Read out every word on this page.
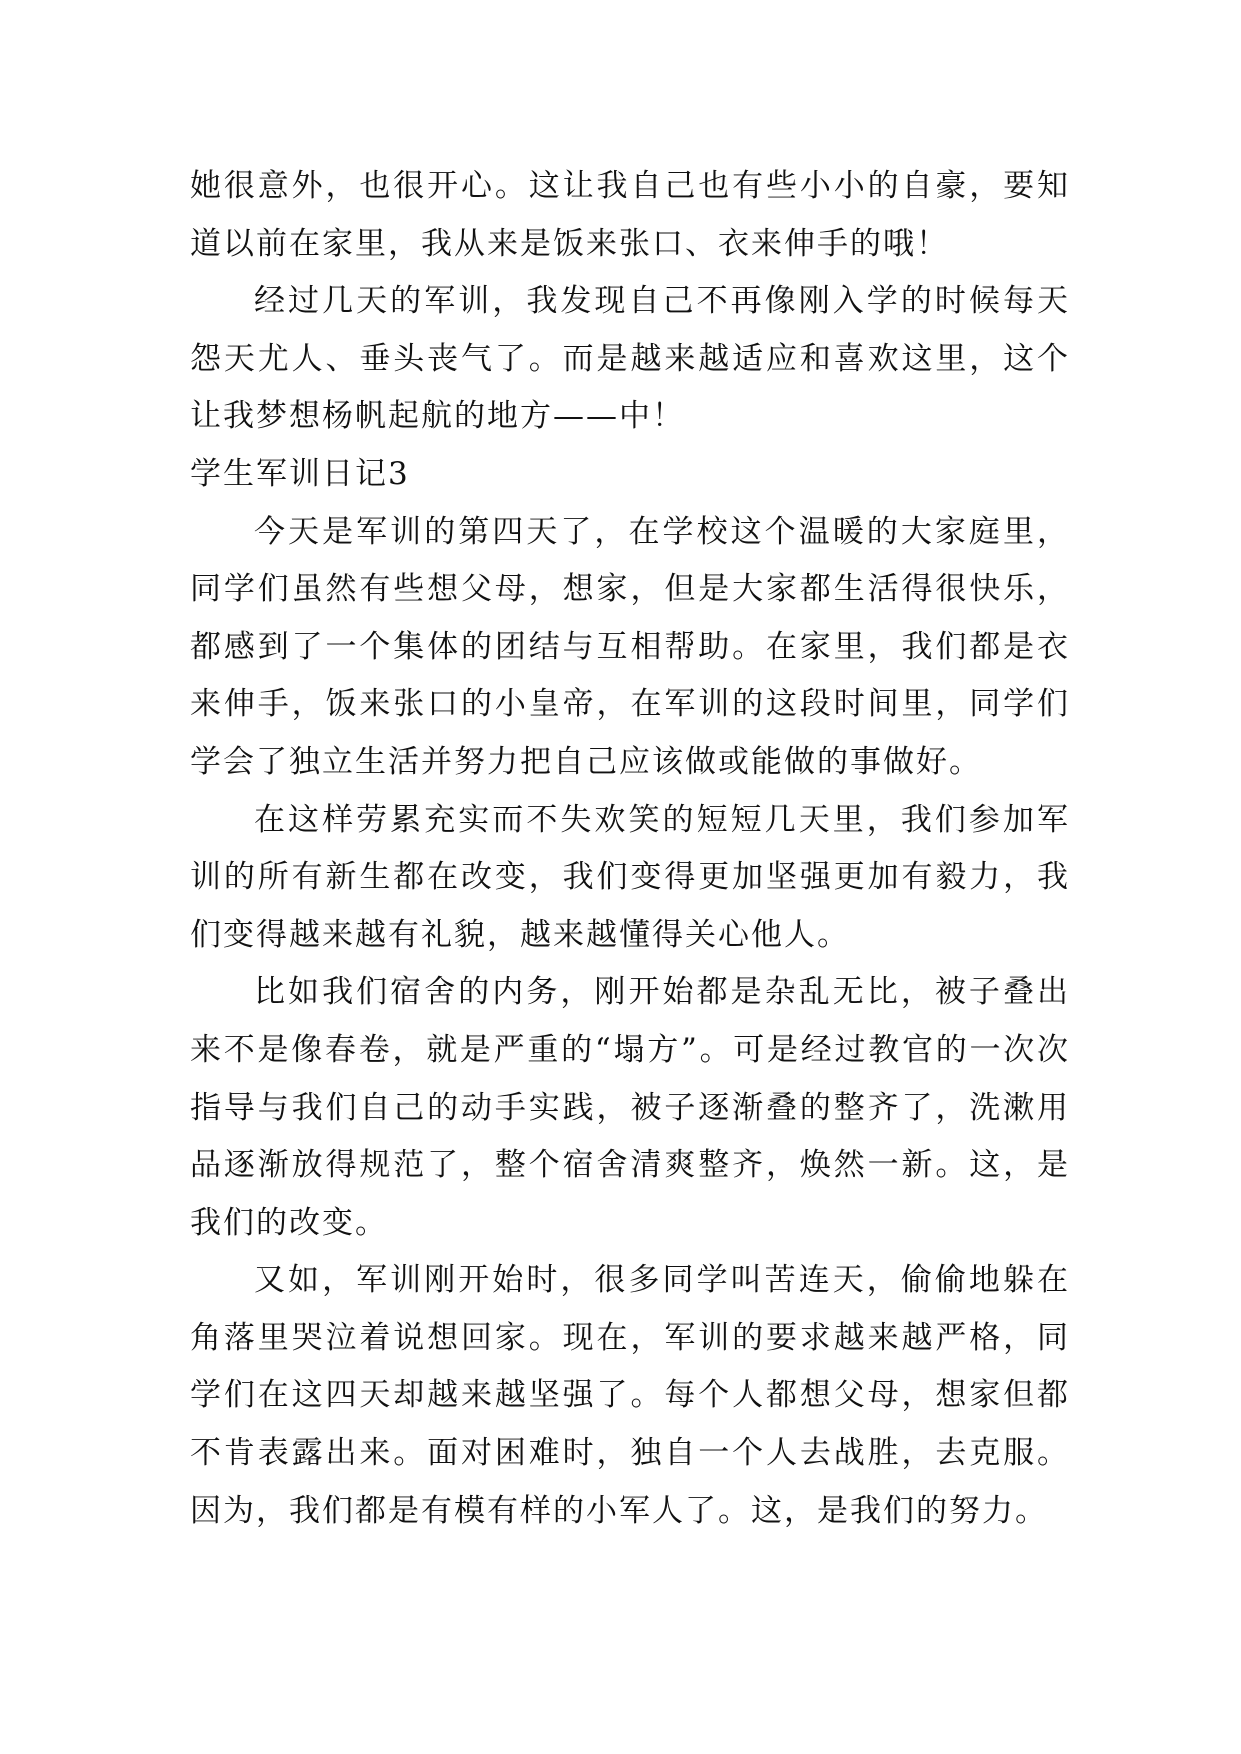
她很意外，也很开心。这让我自己也有些小小的自豪，要知道以前在家里，我从来是饭来张口、衣来伸手的哦！

经过几天的军训，我发现自己不再像刚入学的时候每天怨天尤人、垂头丧气了。而是越来越适应和喜欢这里，这个让我梦想杨帆起航的地方——中！

学生军训日记3

今天是军训的第四天了，在学校这个温暖的大家庭里，同学们虽然有些想父母，想家，但是大家都生活得很快乐，都感到了一个集体的团结与互相帮助。在家里，我们都是衣来伸手，饭来张口的小皇帝，在军训的这段时间里，同学们学会了独立生活并努力把自己应该做或能做的事做好。

在这样劳累充实而不失欢笑的短短几天里，我们参加军训的所有新生都在改变，我们变得更加坚强更加有毅力，我们变得越来越有礼貌，越来越懂得关心他人。

比如我们宿舍的内务，刚开始都是杂乱无比，被子叠出来不是像春卷，就是严重的“塌方”。可是经过教官的一次次指导与我们自己的动手实践，被子逐渐叠的整齐了，洗漱用品逐渐放得规范了，整个宿舍清爽整齐，焕然一新。这，是我们的改变。

又如，军训刚开始时，很多同学叫苦连天，偷偷地躲在角落里哭泣着说想回家。现在，军训的要求越来越严格，同学们在这四天却越来越坚强了。每个人都想父母，想家但都不肯表露出来。面对困难时，独自一个人去战胜，去克服。因为，我们都是有模有样的小军人了。这，是我们的努力。
